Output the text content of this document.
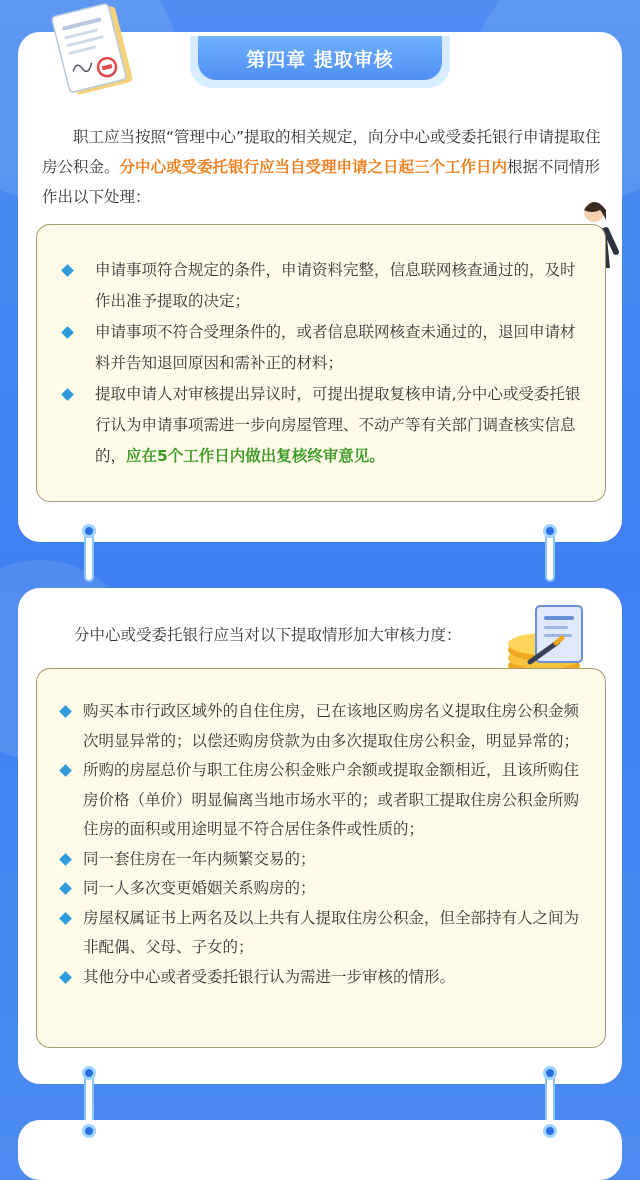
第四章 提取审核
职工应当按照“管理中心”提取的相关规定，向分中心或受委托银行申请提取住房公积金。分中心或受委托银行应当自受理申请之日起三个工作日内根据不同情形作出以下处理：
申请事项符合规定的条件，申请资料完整，信息联网核查通过的，及时作出准予提取的决定；
申请事项不符合受理条件的，或者信息联网核查未通过的，退回申请材料并告知退回原因和需补正的材料；
提取申请人对审核提出异议时，可提出提取复核申请,分中心或受委托银行认为申请事项需进一步向房屋管理、不动产等有关部门调查核实信息的，应在5个工作日内做出复核终审意见。
分中心或受委托银行应当对以下提取情形加大审核力度：
购买本市行政区域外的自住住房，已在该地区购房名义提取住房公积金频次明显异常的；以偿还购房贷款为由多次提取住房公积金，明显异常的；
所购的房屋总价与职工住房公积金账户余额或提取金额相近，且该所购住房价格（单价）明显偏离当地市场水平的；或者职工提取住房公积金所购住房的面积或用途明显不符合居住条件或性质的；
同一套住房在一年内频繁交易的；
同一人多次变更婚姻关系购房的；
房屋权属证书上两名及以上共有人提取住房公积金，但全部持有人之间为非配偶、父母、子女的；
其他分中心或者受委托银行认为需进一步审核的情形。
